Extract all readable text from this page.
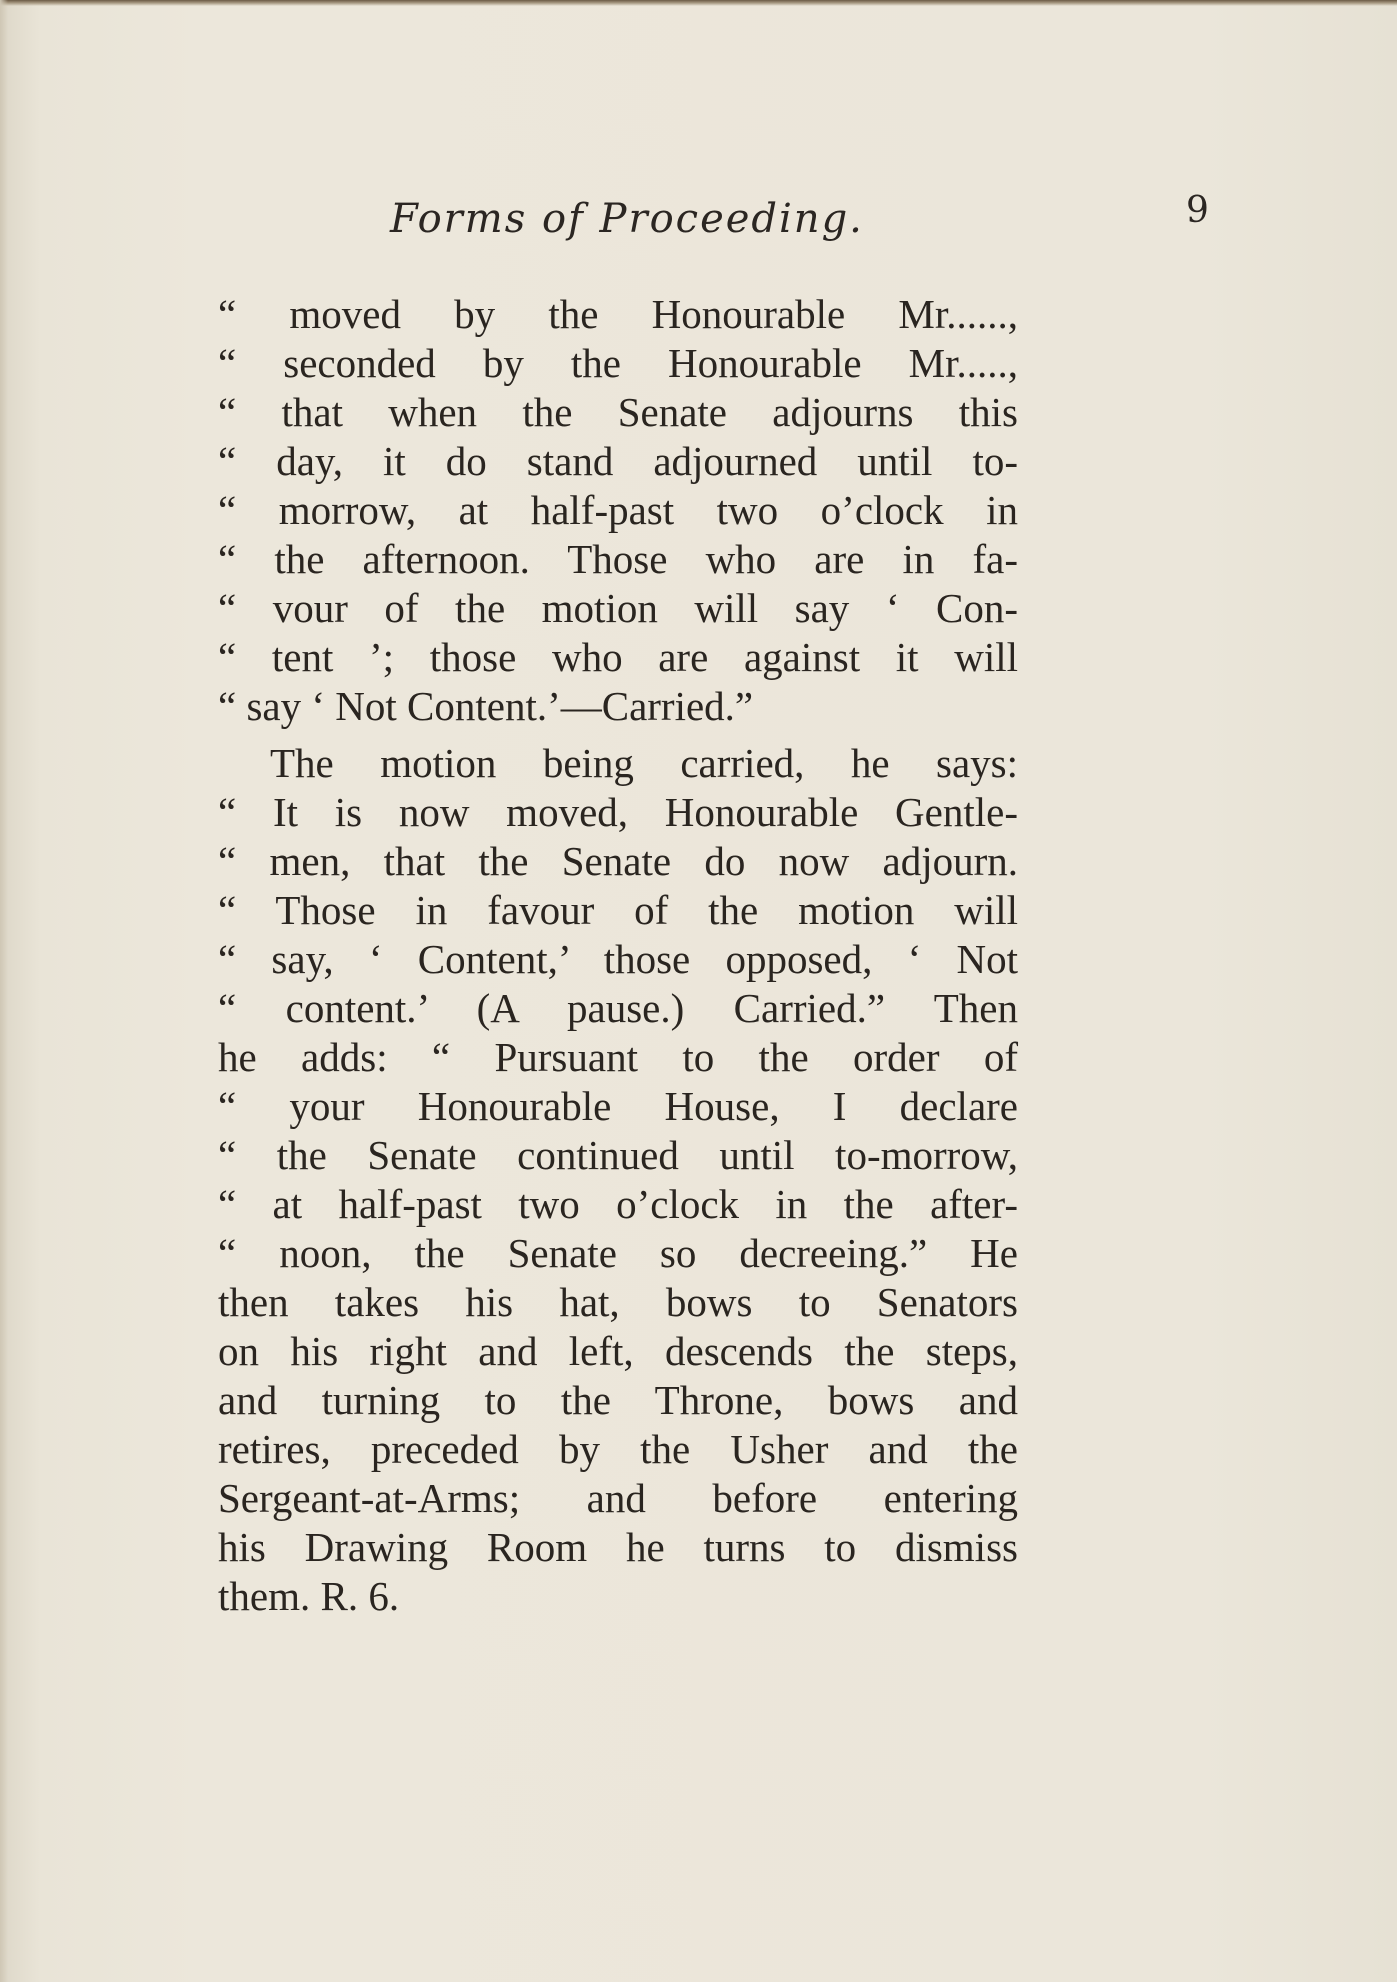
Forms of Proceeding.	9
“ moved by the Honourable Mr......,
“ seconded by the Honourable Mr.....,
“ that when the Senate adjourns this
“ day, it do stand adjourned until to-
“ morrow, at half-past two o’clock in
“ the afternoon. Those who are in fa-
“ vour of the motion will say ‘ Con-
“ tent ’; those who are against it will
“ say ‘ Not Content.’—Carried.”
The motion being carried, he says:
“ It is now moved, Honourable Gentle-
“ men, that the Senate do now adjourn.
“ Those in favour of the motion will
“ say, ‘ Content,’ those opposed, ‘ Not
“ content.’ (A pause.) Carried.” Then
he adds: “ Pursuant to the order of
“ your Honourable House, I declare
“ the Senate continued until to-morrow,
“ at half-past two o’clock in the after-
“ noon, the Senate so decreeing.” He
then takes his hat, bows to Senators
on his right and left, descends the steps,
and turning to the Throne, bows and
retires, preceded by the Usher and the
Sergeant-at-Arms; and before entering
his Drawing Room he turns to dismiss
them. R. 6.
